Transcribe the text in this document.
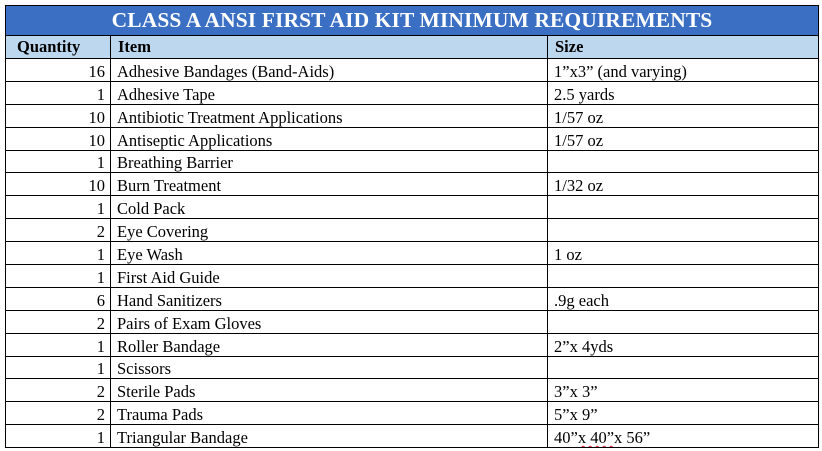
CLASS A ANSI FIRST AID KIT MINIMUM REQUIREMENTS		
Quantity	Item	Size
16	Adhesive Bandages (Band-Aids)	1”x3” (and varying)
1	Adhesive Tape	2.5 yards
10	Antibiotic Treatment Applications	1/57 oz
10	Antiseptic Applications	1/57 oz
1	Breathing Barrier	
10	Burn Treatment	1/32 oz
1	Cold Pack	
2	Eye Covering	
1	Eye Wash	1 oz
1	First Aid Guide	
6	Hand Sanitizers	.9g each
2	Pairs of Exam Gloves	
1	Roller Bandage	2”x 4yds
1	Scissors	
2	Sterile Pads	3”x 3”
2	Trauma Pads	5”x 9”
1	Triangular Bandage	40”x 40”x 56”
